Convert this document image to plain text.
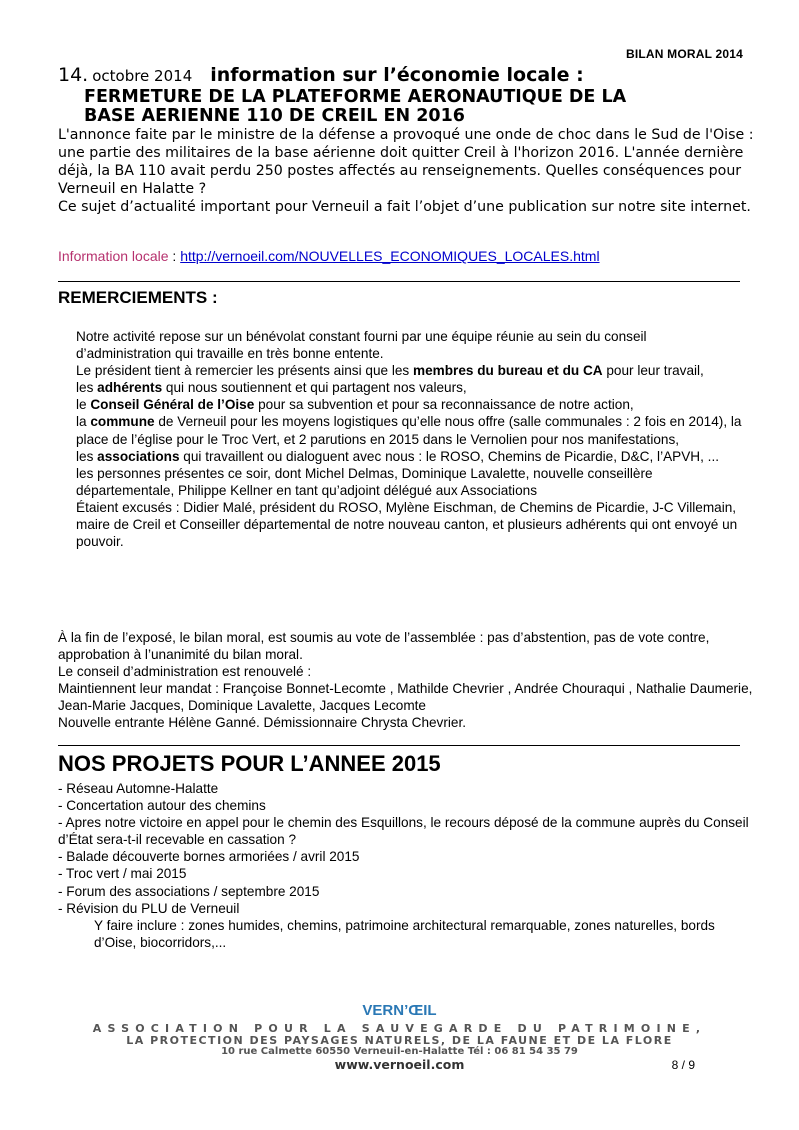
BILAN MORAL 2014
14. octobre 2014 information sur l’économie locale :
FERMETURE DE LA PLATEFORME AERONAUTIQUE DE LA
BASE AERIENNE 110 DE CREIL EN 2016

L'annonce faite par le ministre de la défense a provoqué une onde de choc dans le Sud de l'Oise :

une partie des militaires de la base aérienne doit quitter Creil à l'horizon 2016. L'année dernière déjà, la BA 110 avait perdu 250 postes affectés au renseignements. Quelles conséquences pour Verneuil en Halatte ?

Ce sujet d’actualité important pour Verneuil a fait l’objet d’une publication sur notre site internet.

Information locale : http://vernoeil.com/NOUVELLES_ECONOMIQUES_LOCALES.html
REMERCIEMENTS :

Notre activité repose sur un bénévolat constant fourni par une équipe réunie au sein du conseil d’administration qui travaille en très bonne entente.

Le président tient à remercier les présents ainsi que les membres du bureau et du CA pour leur travail,

les adhérents qui nous soutiennent et qui partagent nos valeurs,

le Conseil Général de l’Oise pour sa subvention et pour sa reconnaissance de notre action,

la commune de Verneuil pour les moyens logistiques qu’elle nous offre (salle communales : 2 fois en 2014), la place de l’église pour le Troc Vert, et 2 parutions en 2015 dans le Vernolien pour nos manifestations,

les associations qui travaillent ou dialoguent avec nous : le ROSO, Chemins de Picardie, D&C, l’APVH, ...

les personnes présentes ce soir, dont Michel Delmas, Dominique Lavalette, nouvelle conseillère départementale, Philippe Kellner en tant qu’adjoint délégué aux Associations

Étaient excusés : Didier Malé, président du ROSO, Mylène Eischman, de Chemins de Picardie, J-C Villemain, maire de Creil et Conseiller départemental de notre nouveau canton, et plusieurs adhérents qui ont envoyé un pouvoir.

À la fin de l’exposé, le bilan moral, est soumis au vote de l’assemblée : pas d’abstention, pas de vote contre, approbation à l’unanimité du bilan moral.

Le conseil d’administration est renouvelé :

Maintiennent leur mandat : Françoise Bonnet-Lecomte , Mathilde Chevrier , Andrée Chouraqui , Nathalie Daumerie, Jean-Marie Jacques, Dominique Lavalette, Jacques Lecomte

Nouvelle entrante Hélène Ganné. Démissionnaire Chrysta Chevrier.

NOS PROJETS POUR L’ANNEE 2015

- Réseau Automne-Halatte

- Concertation autour des chemins

- Apres notre victoire en appel pour le chemin des Esquillons, le recours déposé de la commune auprès du Conseil d’État sera-t-il recevable en cassation ?

- Balade découverte bornes armoriées / avril 2015

- Troc vert / mai 2015

- Forum des associations / septembre 2015

- Révision du PLU de Verneuil

Y faire inclure : zones humides, chemins, patrimoine architectural remarquable, zones naturelles, bords d’Oise, biocorridors,...

VERN’ŒIL
ASSOCIATION POUR LA SAUVEGARDE DU PATRIMOINE,
LA PROTECTION DES PAYSAGES NATURELS, DE LA FAUNE ET DE LA FLORE
10 rue Calmette 60550 Verneuil-en-Halatte Tél : 06 81 54 35 79
www.vernoeil.com	8 / 9
